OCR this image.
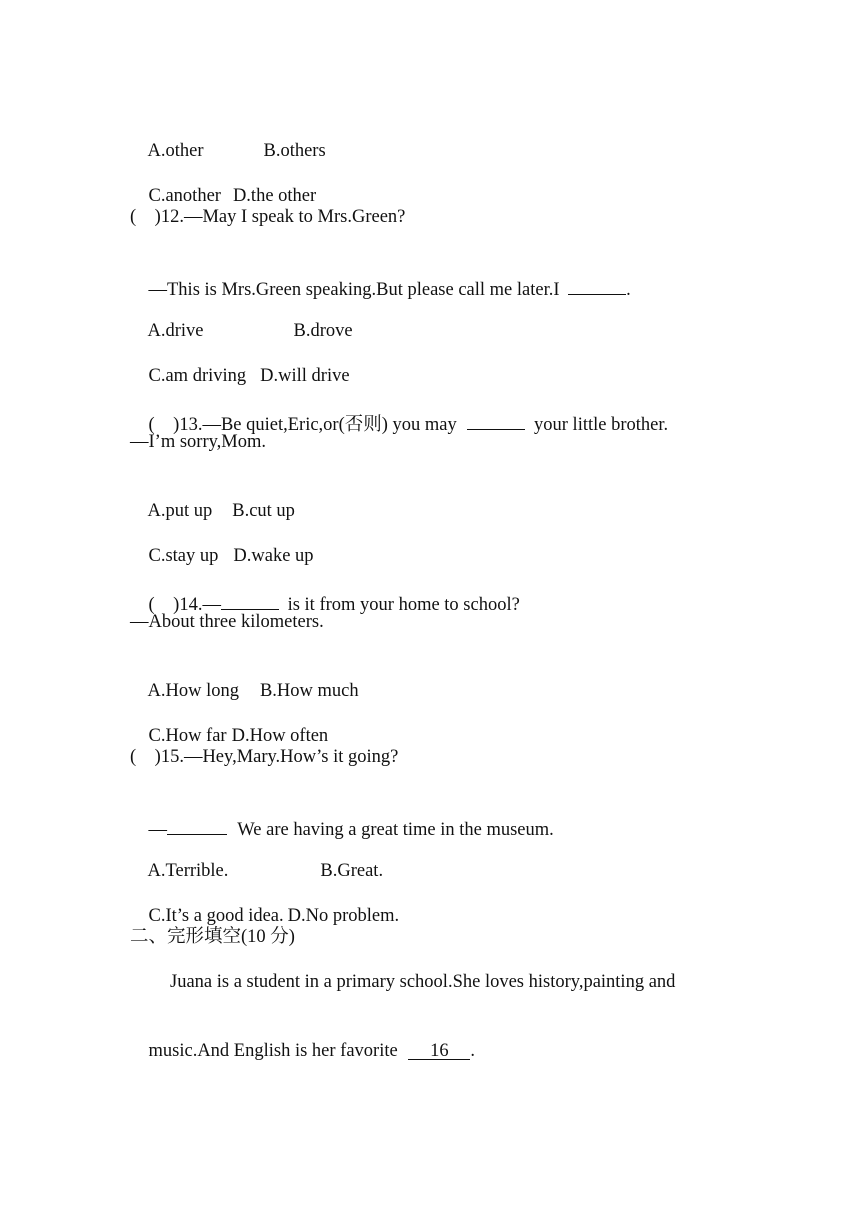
A.other	B.others

C.another D.the other

(    )12.—May I speak to Mrs.Green?

—This is Mrs.Green speaking.But please call me later.I	.

A.drive	B.drove

C.am driving D.will drive

(    )13.—Be quiet,Eric,or(否则) you may	your little brother.

—I’m sorry,Mom.

A.put up B.cut up

C.stay up D.wake up

(    )14.—	is it from your home to school?

—About three kilometers.

A.How long B.How much

C.How far D.How often

(    )15.—Hey,Mary.How’s it going?

—	We are having a great time in the museum.

A.Terrible.	B.Great.

C.It’s a good idea. D.No problem.

二、完形填空(10 分)
Juana is a student in a primary school.She loves history,painting and

music.And English is her favorite 16 .
